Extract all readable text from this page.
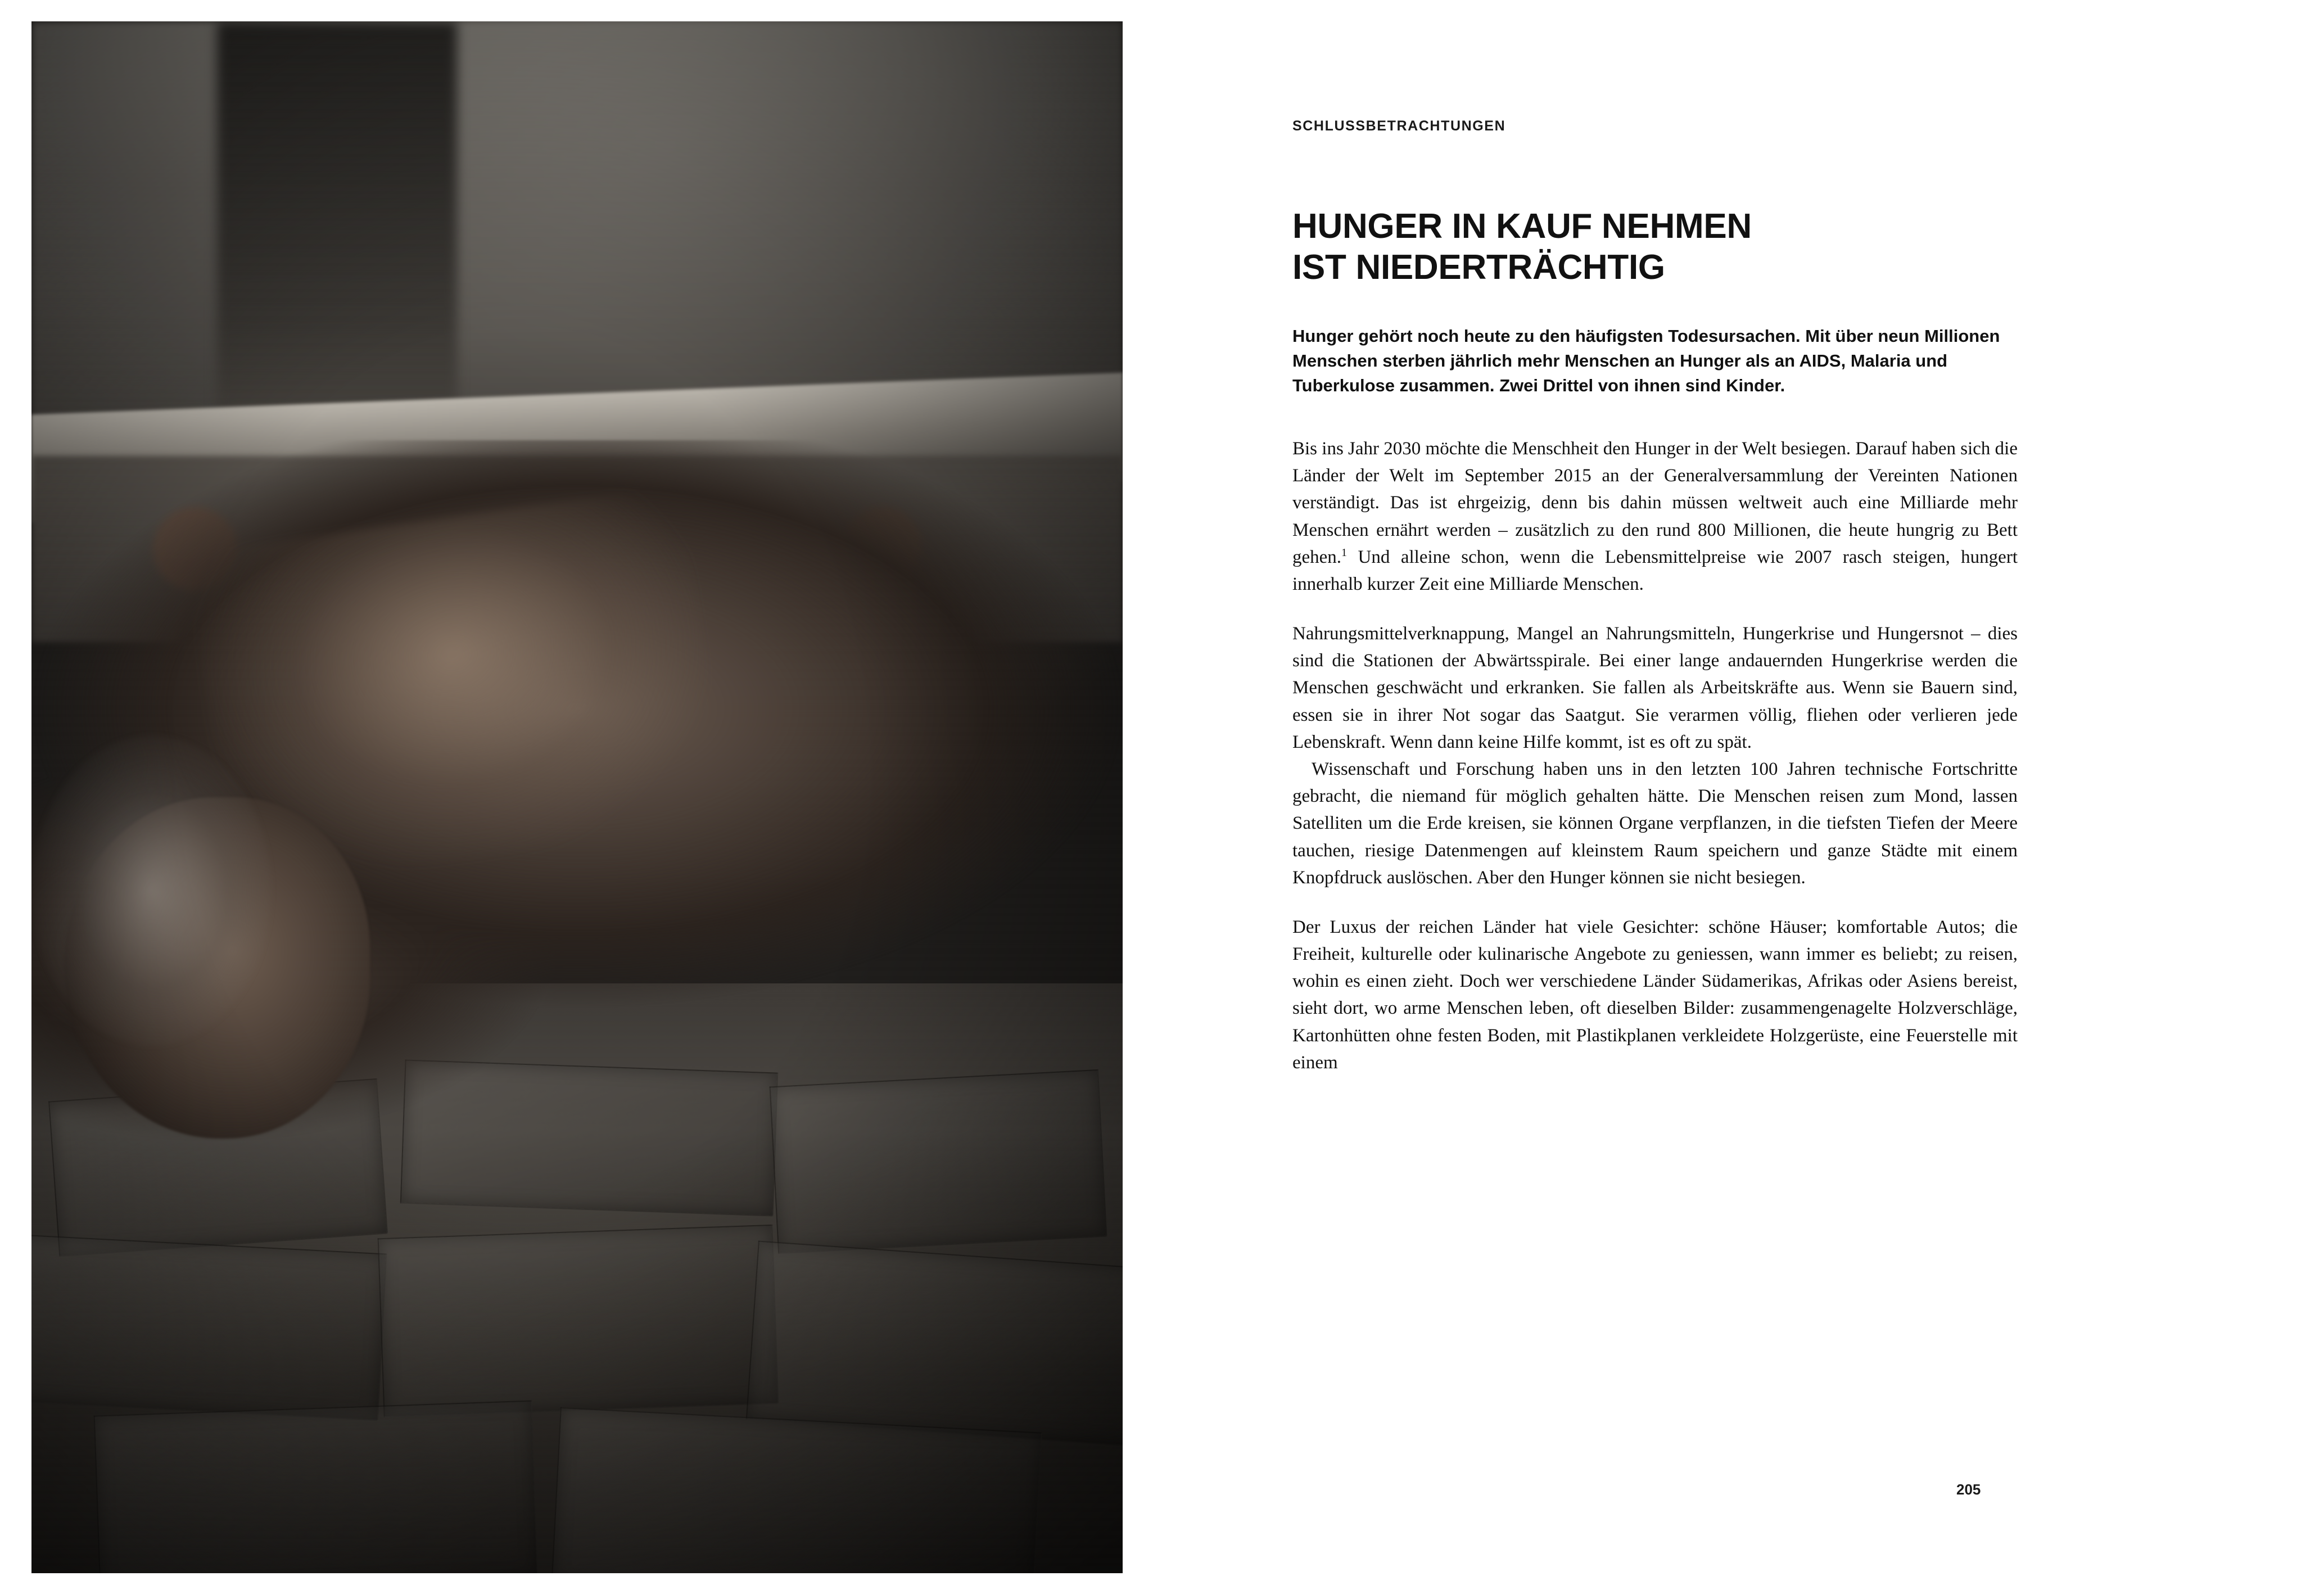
SCHLUSSBETRACHTUNGEN
HUNGER IN KAUF NEHMEN
IST NIEDERTRÄCHTIG
Hunger gehört noch heute zu den häufigsten Todesursachen. Mit über neun Millionen Menschen sterben jährlich mehr Menschen an Hunger als an AIDS, Malaria und Tuberkulose zusammen. Zwei Drittel von ihnen sind Kinder.

Bis ins Jahr 2030 möchte die Menschheit den Hunger in der Welt besiegen. Darauf haben sich die Länder der Welt im September 2015 an der Generalversammlung der Vereinten Nationen verständigt. Das ist ehrgeizig, denn bis dahin müssen weltweit auch eine Milliarde mehr Menschen ernährt werden – zusätzlich zu den rund 800 Millionen, die heute hungrig zu Bett gehen.$^1$ Und alleine schon, wenn die Lebensmittelpreise wie 2007 rasch steigen, hungert innerhalb kurzer Zeit eine Milliarde Menschen.

Nahrungsmittelverknappung, Mangel an Nahrungsmitteln, Hungerkrise und Hungersnot – dies sind die Stationen der Abwärtsspirale. Bei einer lange andauernden Hungerkrise werden die Menschen geschwächt und erkranken. Sie fallen als Arbeitskräfte aus. Wenn sie Bauern sind, essen sie in ihrer Not sogar das Saatgut. Sie verarmen völlig, fliehen oder verlieren jede Lebenskraft. Wenn dann keine Hilfe kommt, ist es oft zu spät.

Wissenschaft und Forschung haben uns in den letzten 100 Jahren technische Fortschritte gebracht, die niemand für möglich gehalten hätte. Die Menschen reisen zum Mond, lassen Satelliten um die Erde kreisen, sie können Organe verpflanzen, in die tiefsten Tiefen der Meere tauchen, riesige Datenmengen auf kleinstem Raum speichern und ganze Städte mit einem Knopfdruck auslöschen. Aber den Hunger können sie nicht besiegen.

Der Luxus der reichen Länder hat viele Gesichter: schöne Häuser; komfortable Autos; die Freiheit, kulturelle oder kulinarische Angebote zu geniessen, wann immer es beliebt; zu reisen, wohin es einen zieht. Doch wer verschiedene Länder Südamerikas, Afrikas oder Asiens bereist, sieht dort, wo arme Menschen leben, oft dieselben Bilder: zusammengenagelte Holzverschläge, Kartonhütten ohne festen Boden, mit Plastikplanen verkleidete Holzgerüste, eine Feuerstelle mit einem

205
